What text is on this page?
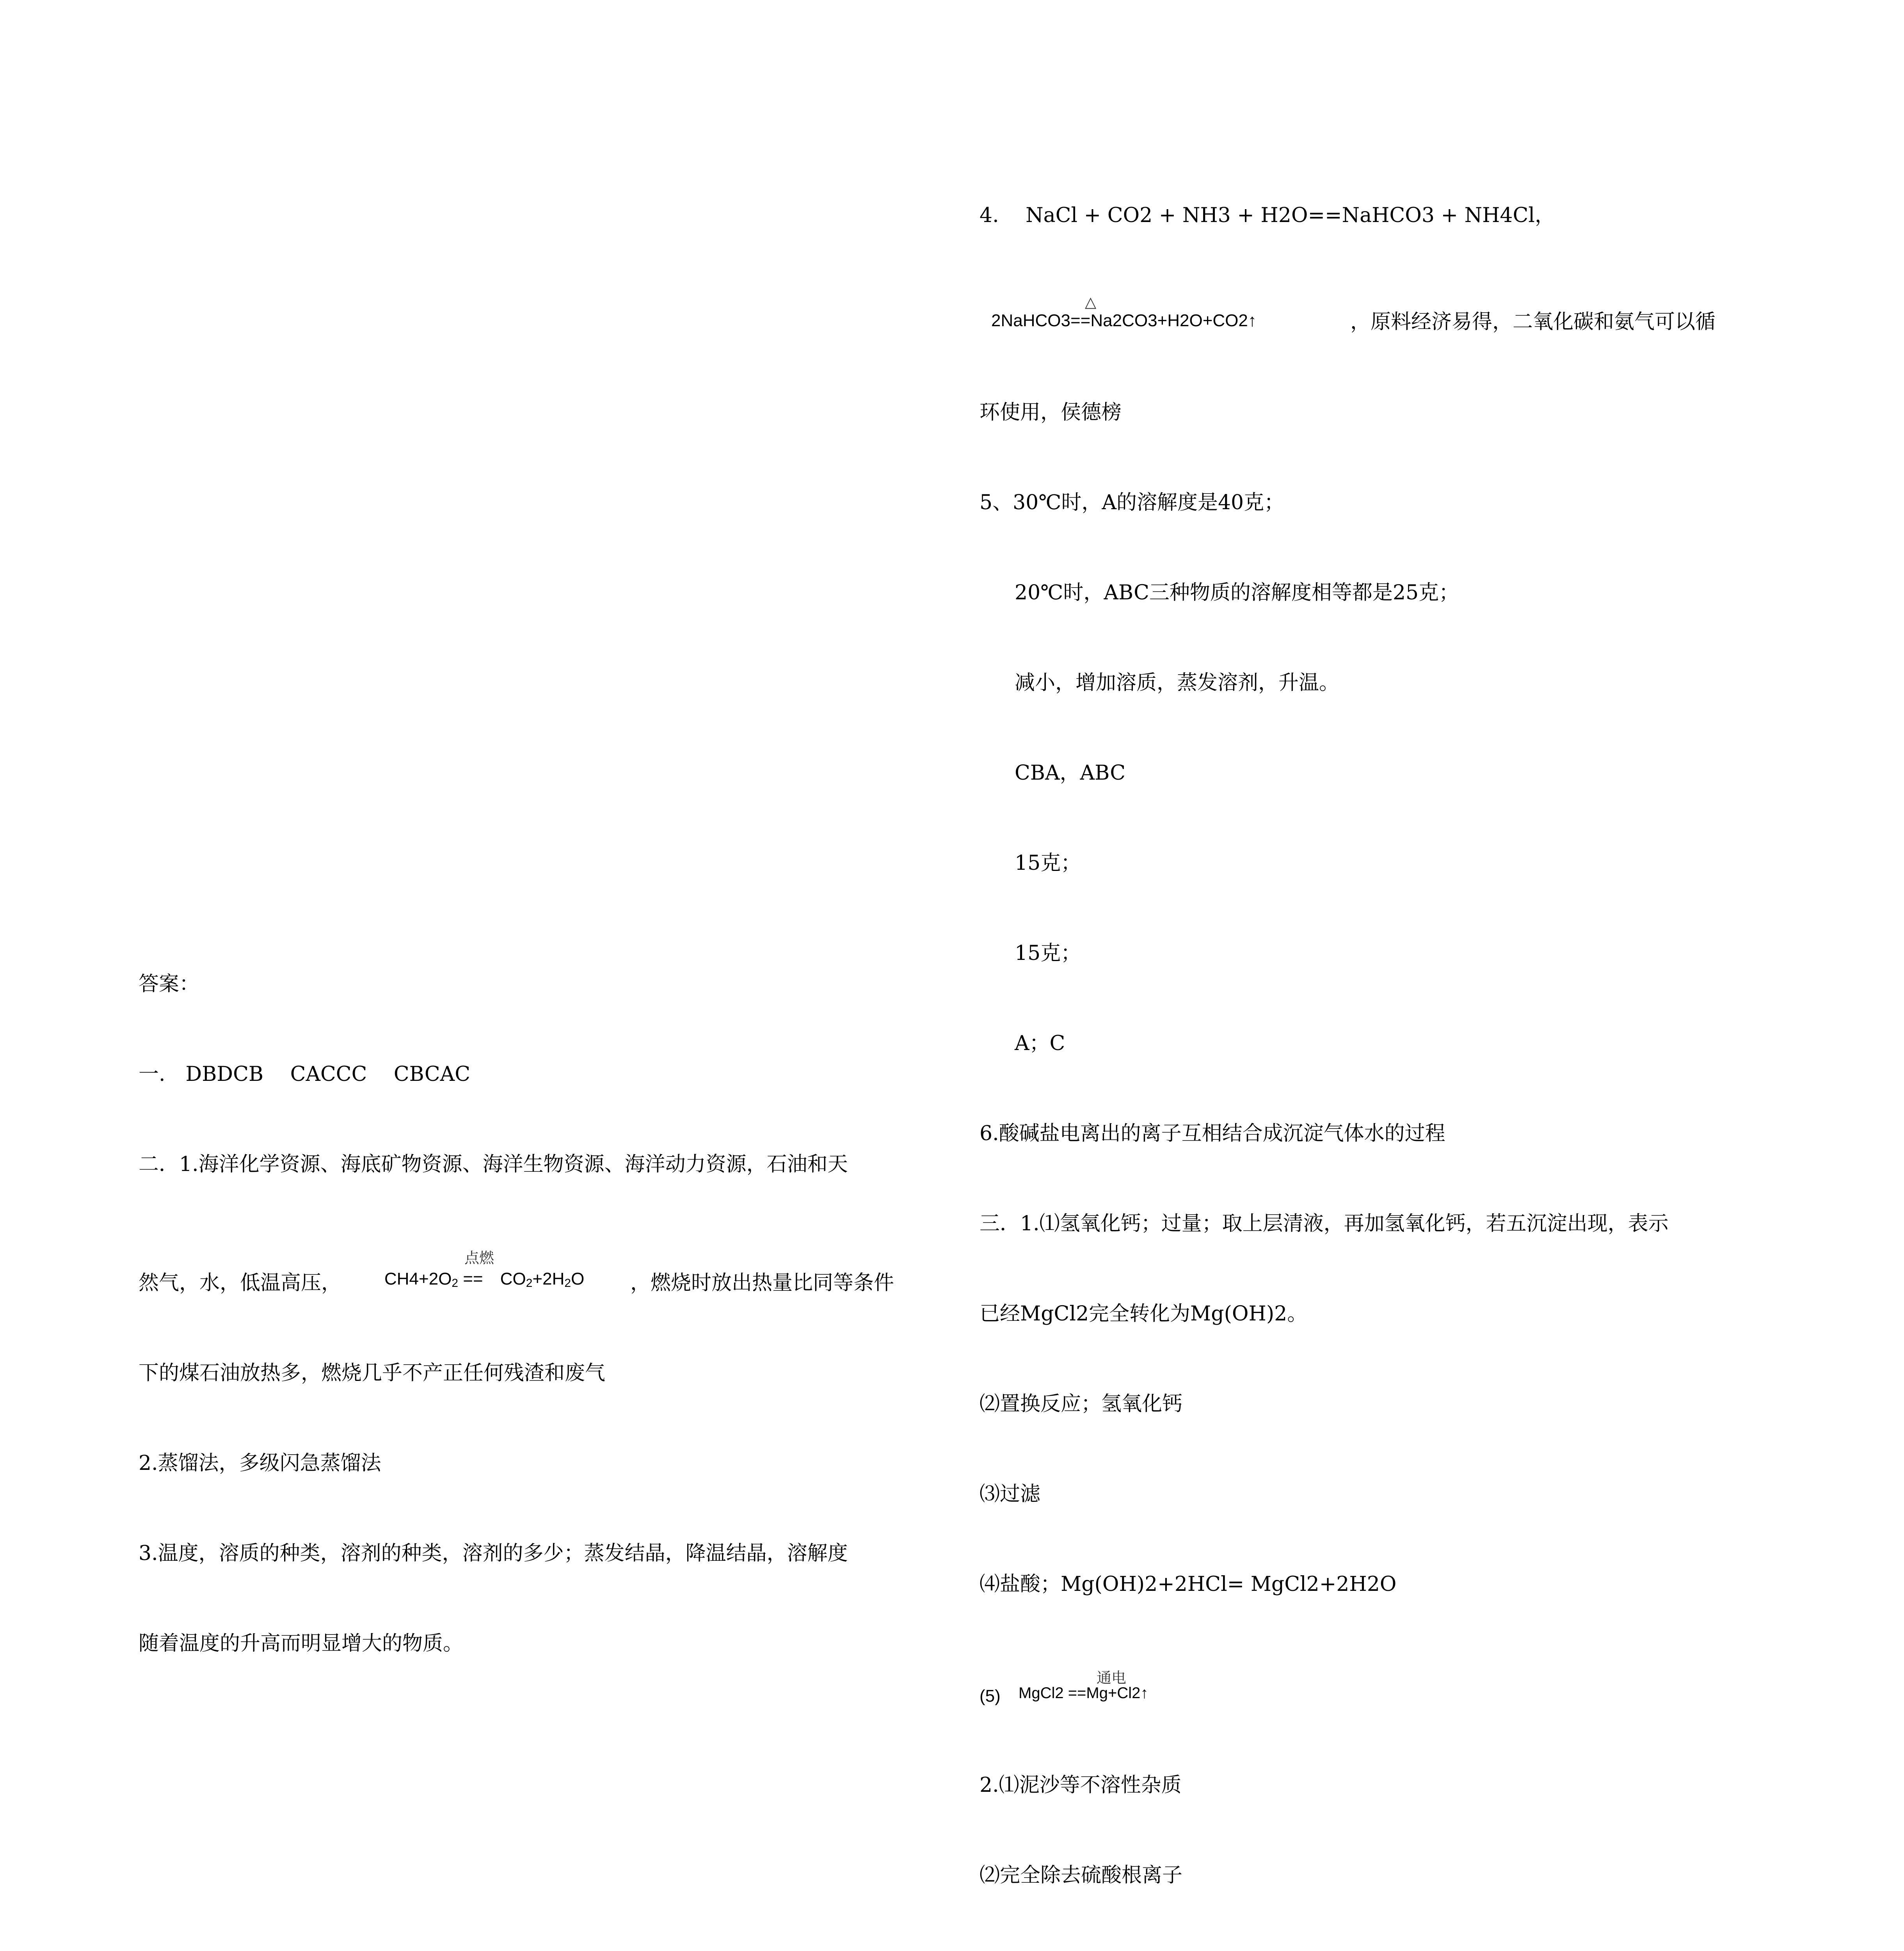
答案：

一.　DBDCB　 CACCC　 CBCAC

二．1.海洋化学资源、海底矿物资源、海洋生物资源、海洋动力资源，石油和天

然气，水，低温高压，

点燃

$CH4+2O_2$ ==　$CO_2+2H_2O$

，燃烧时放出热量比同等条件

下的煤石油放热多，燃烧几乎不产正任何残渣和废气

2.蒸馏法，多级闪急蒸馏法

3.温度，溶质的种类，溶剂的种类，溶剂的多少；蒸发结晶，降温结晶，溶解度

随着温度的升高而明显增大的物质。

4.　 NaCl + CO2 + NH3 + H2O==NaHCO3 + NH4Cl，

△

2NaHCO3==Na2CO3+H2O+CO2↑

	，原料经济易得，二氧化碳和氨气可以循

环使用，侯德榜

5、30℃时，A的溶解度是40克；

20℃时，ABC三种物质的溶解度相等都是25克；

减小，增加溶质，蒸发溶剂，升温。

CBA，ABC

15克；

15克；

A；C

6.酸碱盐电离出的离子互相结合成沉淀气体水的过程

三．1.⑴氢氧化钙；过量；取上层清液，再加氢氧化钙，若五沉淀出现，表示

已经MgCl2完全转化为Mg(OH)2。

⑵置换反应；氢氧化钙

⑶过滤

⑷盐酸；Mg(OH)2+2HCl= MgCl2+2H2O

(5)

通电

MgCl2 ==Mg+Cl2↑

2.⑴泥沙等不溶性杂质

⑵完全除去硫酸根离子
